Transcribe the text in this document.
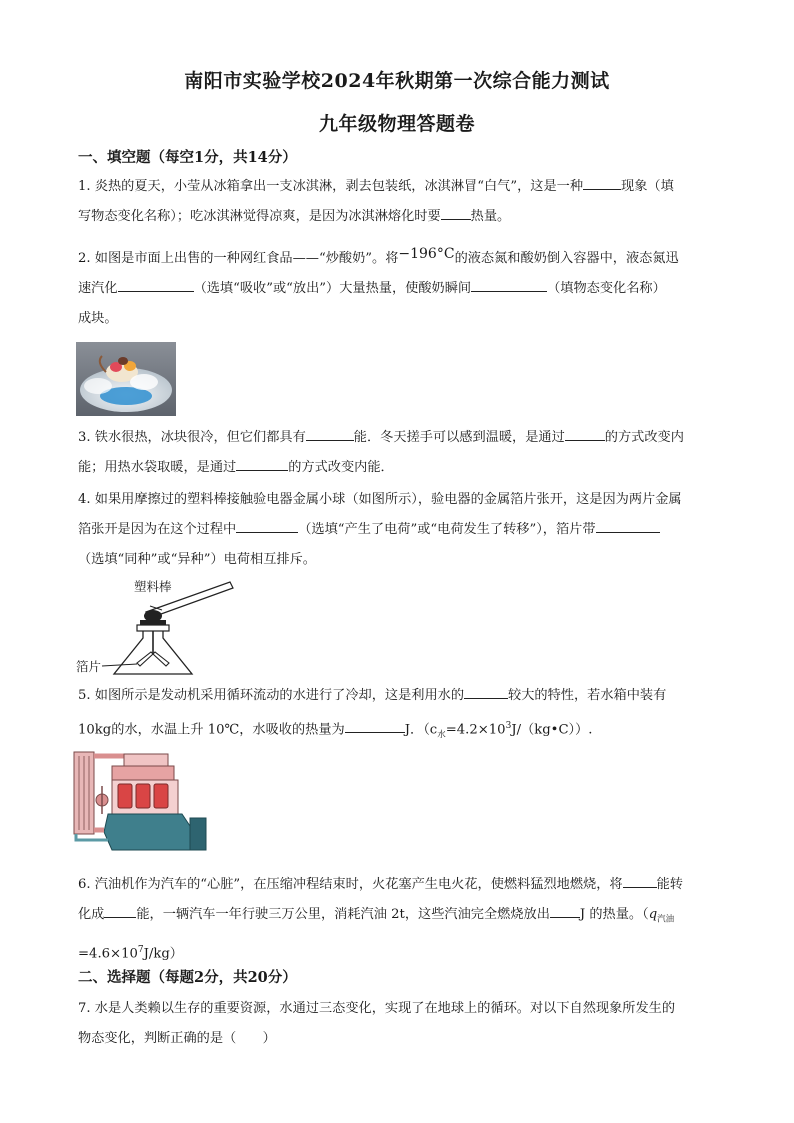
南阳市实验学校2024年秋期第一次综合能力测试
九年级物理答题卷
一、填空题（每空1分，共14分）
1. 炎热的夏天，小莹从冰箱拿出一支冰淇淋，剥去包装纸，冰淇淋冒“白气”，这是一种	现象（填
写物态变化名称）；吃冰淇淋觉得凉爽，是因为冰淇淋熔化时要 热量。
2. 如图是市面上出售的一种网红食品——“炒酸奶”。将−196°C的液态氮和酸奶倒入容器中，液态氮迅
速汽化	（选填“吸收”或“放出”）大量热量，使酸奶瞬间	（填物态变化名称）
成块。
3. 铁水很热，冰块很冷，但它们都具有	能．冬天搓手可以感到温暖，是通过	的方式改变内
能；用热水袋取暖，是通过	的方式改变内能．
4. 如果用摩擦过的塑料棒接触验电器金属小球（如图所示），验电器的金属箔片张开，这是因为两片金属
箔张开是因为在这个过程中	（选填“产生了电荷”或“电荷发生了转移”），箔片带
（选填“同种”或“异种”）电荷相互排斥。
塑料棒
箔片
5. 如图所示是发动机采用循环流动的水进行了冷却，这是利用水的	较大的特性，若水箱中装有
10kg的水，水温上升 10℃，水吸收的热量为	J．$(c_水=4.2\times 10^3J/(kg•C))$.
6. 汽油机作为汽车的“心脏”，在压缩冲程结束时，火花塞产生电火花，使燃料猛烈地燃烧，将	能转
化成 能，一辆汽车一年行驶三万公里，消耗汽油 2t，这些汽油完全燃烧放出 J 的热量。（$q_{汽油}$
$=4.6\times 10^7J/kg$）
二、选择题（每题2分，共20分）
7. 水是人类赖以生存的重要资源，水通过三态变化，实现了在地球上的循环。对以下自然现象所发生的
物态变化，判断正确的是（　　）
